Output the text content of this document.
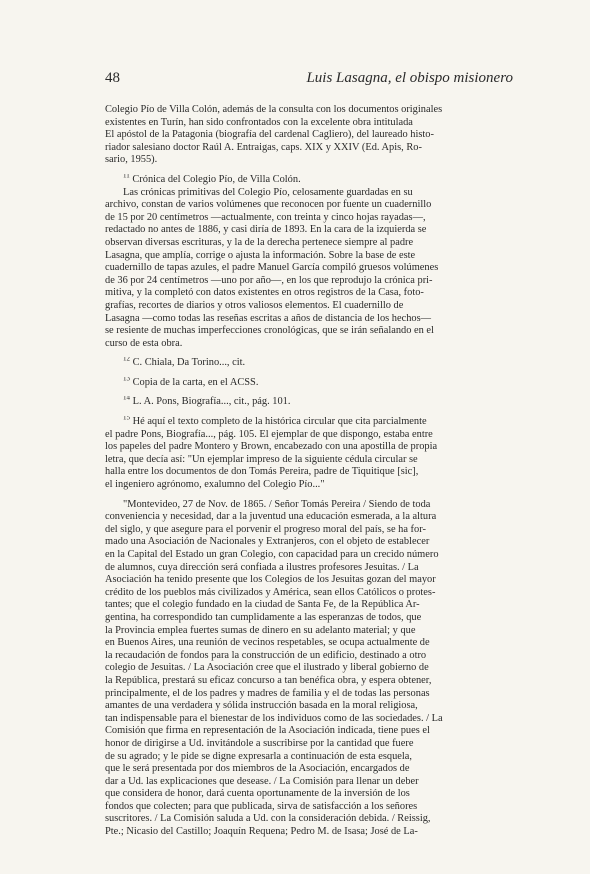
48	Luis Lasagna, el obispo misionero
Colegio Pío de Villa Colón, además de la consulta con los documentos originales
existentes en Turín, han sido confrontados con la excelente obra intitulada
El apóstol de la Patagonia (biografía del cardenal Cagliero), del laureado histo-
riador salesiano doctor Raúl A. Entraigas, caps. XIX y XXIV (Ed. Apis, Ro-
sario, 1955).
$^{11}$ Crónica del Colegio Pío, de Villa Colón.
Las crónicas primitivas del Colegio Pío, celosamente guardadas en su
archivo, constan de varios volúmenes que reconocen por fuente un cuadernillo
de 15 por 20 centímetros —actualmente, con treinta y cinco hojas rayadas—,
redactado no antes de 1886, y casi diría de 1893. En la cara de la izquierda se
observan diversas escrituras, y la de la derecha pertenece siempre al padre
Lasagna, que amplía, corrige o ajusta la información. Sobre la base de este
cuadernillo de tapas azules, el padre Manuel García compiló gruesos volúmenes
de 36 por 24 centímetros —uno por año—, en los que reprodujo la crónica pri-
mitiva, y la completó con datos existentes en otros registros de la Casa, foto-
grafías, recortes de diarios y otros valiosos elementos. El cuadernillo de
Lasagna —como todas las reseñas escritas a años de distancia de los hechos—
se resiente de muchas imperfecciones cronológicas, que se irán señalando en el
curso de esta obra.
$^{12}$ C. Chiala, Da Torino..., cit.
$^{13}$ Copia de la carta, en el ACSS.
$^{14}$ L. A. Pons, Biografía..., cit., pág. 101.
$^{15}$ Hé aquí el texto completo de la histórica circular que cita parcialmente
el padre Pons, Biografía..., pág. 105. El ejemplar de que dispongo, estaba entre
los papeles del padre Montero y Brown, encabezado con una apostilla de propia
letra, que decía así: "Un ejemplar impreso de la siguiente cédula circular se
halla entre los documentos de don Tomás Pereira, padre de Tiquitique [sic],
el ingeniero agrónomo, exalumno del Colegio Pío..."
"Montevideo, 27 de Nov. de 1865. / Señor Tomás Pereira / Siendo de toda
conveniencia y necesidad, dar a la juventud una educación esmerada, a la altura
del siglo, y que asegure para el porvenir el progreso moral del país, se ha for-
mado una Asociación de Nacionales y Extranjeros, con el objeto de establecer
en la Capital del Estado un gran Colegio, con capacidad para un crecido número
de alumnos, cuya dirección será confiada a ilustres profesores Jesuitas. / La
Asociación ha tenido presente que los Colegios de los Jesuitas gozan del mayor
crédito de los pueblos más civilizados y América, sean ellos Católicos o protes-
tantes; que el colegio fundado en la ciudad de Santa Fe, de la República Ar-
gentina, ha correspondido tan cumplidamente a las esperanzas de todos, que
la Provincia emplea fuertes sumas de dinero en su adelanto material; y que
en Buenos Aires, una reunión de vecinos respetables, se ocupa actualmente de
la recaudación de fondos para la construcción de un edificio, destinado a otro
colegio de Jesuitas. / La Asociación cree que el ilustrado y liberal gobierno de
la República, prestará su eficaz concurso a tan benéfica obra, y espera obtener,
principalmente, el de los padres y madres de familia y el de todas las personas
amantes de una verdadera y sólida instrucción basada en la moral religiosa,
tan indispensable para el bienestar de los individuos como de las sociedades. / La
Comisión que firma en representación de la Asociación indicada, tiene pues el
honor de dirigirse a Ud. invitándole a suscribirse por la cantidad que fuere
de su agrado; y le pide se digne expresarla a continuación de esta esquela,
que le será presentada por dos miembros de la Asociación, encargados de
dar a Ud. las explicaciones que desease. / La Comisión para llenar un deber
que considera de honor, dará cuenta oportunamente de la inversión de los
fondos que colecten; para que publicada, sirva de satisfacción a los señores
suscritores. / La Comisión saluda a Ud. con la consideración debida. / Reissig,
Pte.; Nicasio del Castillo; Joaquín Requena; Pedro M. de Isasa; José de La-
